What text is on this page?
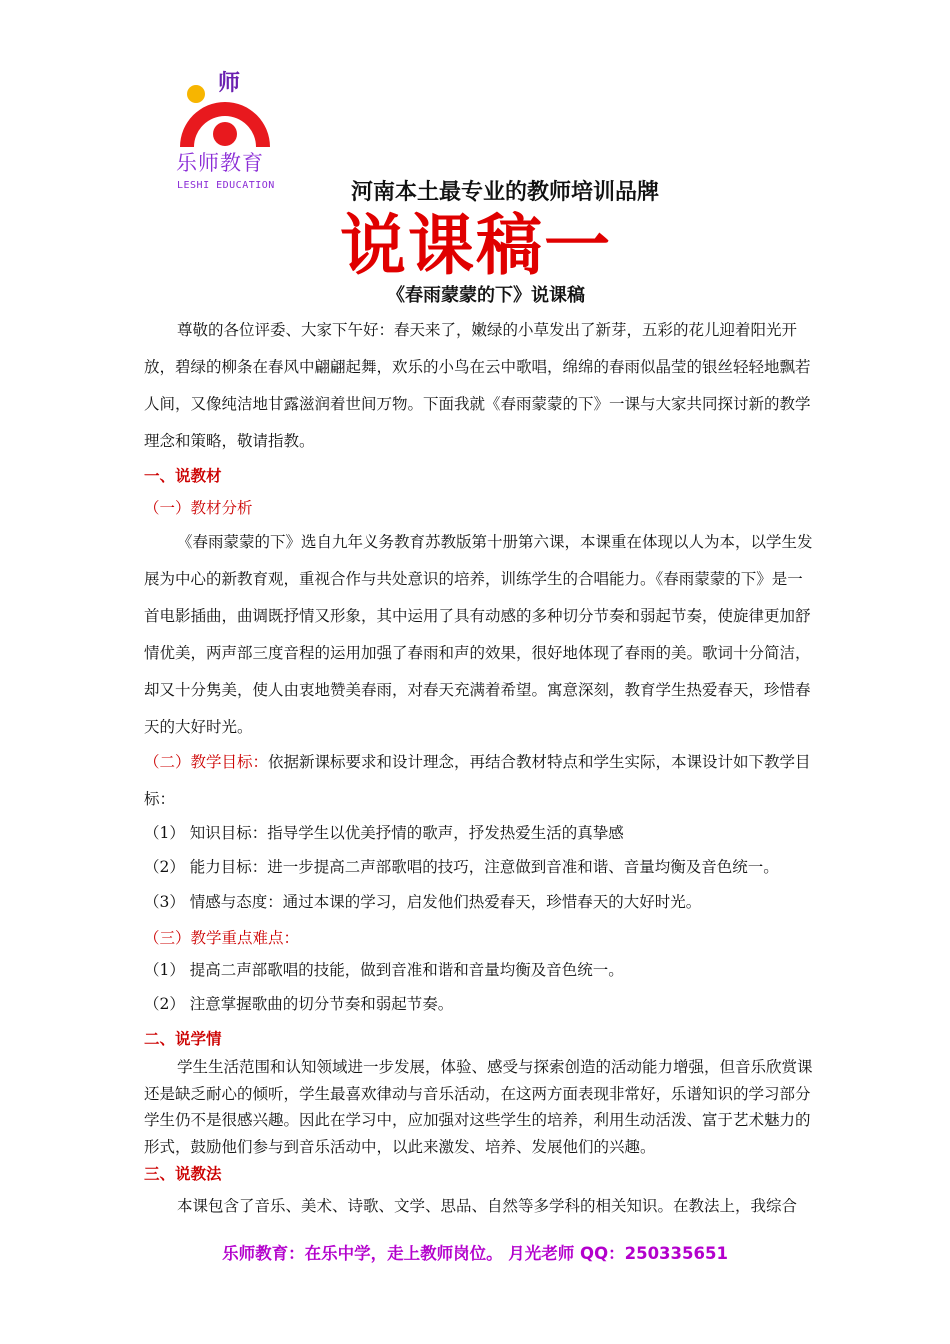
师
乐师教育
LESHI EDUCATION	河南本土最专业的教师培训品牌
说课稿一
《春雨蒙蒙的下》说课稿
尊敬的各位评委、大家下午好：春天来了，嫩绿的小草发出了新芽，五彩的花儿迎着阳光开放，碧绿的柳条在春风中翩翩起舞，欢乐的小鸟在云中歌唱，绵绵的春雨似晶莹的银丝轻轻地飘若人间，又像纯洁地甘露滋润着世间万物。下面我就《春雨蒙蒙的下》一课与大家共同探讨新的教学理念和策略，敬请指教。
一、说教材
（一）教材分析
《春雨蒙蒙的下》选自九年义务教育苏教版第十册第六课，本课重在体现以人为本，以学生发展为中心的新教育观，重视合作与共处意识的培养，训练学生的合唱能力。《春雨蒙蒙的下》是一首电影插曲，曲调既抒情又形象，其中运用了具有动感的多种切分节奏和弱起节奏，使旋律更加舒情优美，两声部三度音程的运用加强了春雨和声的效果，很好地体现了春雨的美。歌词十分简洁，却又十分隽美，使人由衷地赞美春雨，对春天充满着希望。寓意深刻，教育学生热爱春天，珍惜春天的大好时光。
（二）教学目标：依据新课标要求和设计理念，再结合教材特点和学生实际，本课设计如下教学目标：
（1） 知识目标：指导学生以优美抒情的歌声，抒发热爱生活的真挚感
（2） 能力目标：进一步提高二声部歌唱的技巧，注意做到音准和谐、音量均衡及音色统一。
（3） 情感与态度：通过本课的学习，启发他们热爱春天，珍惜春天的大好时光。
（三）教学重点难点：
（1） 提高二声部歌唱的技能，做到音准和谐和音量均衡及音色统一。
（2） 注意掌握歌曲的切分节奏和弱起节奏。
二、说学情
学生生活范围和认知领域进一步发展，体验、感受与探索创造的活动能力增强，但音乐欣赏课还是缺乏耐心的倾听，学生最喜欢律动与音乐活动，在这两方面表现非常好，乐谱知识的学习部分学生仍不是很感兴趣。因此在学习中，应加强对这些学生的培养，利用生动活泼、富于艺术魅力的形式，鼓励他们参与到音乐活动中，以此来激发、培养、发展他们的兴趣。
三、说教法
本课包含了音乐、美术、诗歌、文学、思品、自然等多学科的相关知识。在教法上，我综合
乐师教育：在乐中学，走上教师岗位。 月光老师 QQ：250335651
